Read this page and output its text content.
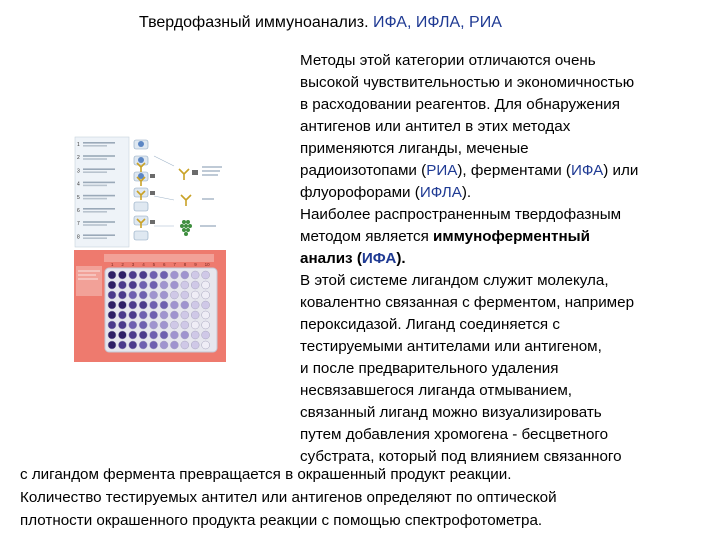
Твердофазный иммуноанализ. ИФА, ИФЛА, РИА
1
2
3
4
5
6
7
8
1 2 3 4 5 6 7 8 9 10
Методы этой категории отличаются очень
высокой чувствительностью и экономичностью
в расходовании реагентов. Для обнаружения
антигенов или антител в этих методах
применяются лиганды, меченые
радиоизотопами (РИА), ферментами (ИФА) или
флуорофорами (ИФЛА).
Наиболее распространенным твердофазным
методом является иммуноферментный
анализ (ИФА).
В этой системе лигандом служит молекула,
ковалентно связанная с ферментом, например
пероксидазой. Лиганд соединяется с
тестируемыми антителами или антигеном,
и после предварительного удаления
несвязавшегося лиганда отмыванием,
связанный лиганд можно визуализировать
путем добавления хромогена - бесцветного
субстрата, который под влиянием связанного
с лигандом фермента превращается в окрашенный продукт реакции.
Количество тестируемых антител или антигенов определяют по оптической
плотности окрашенного продукта реакции с помощью спектрофотометра.
